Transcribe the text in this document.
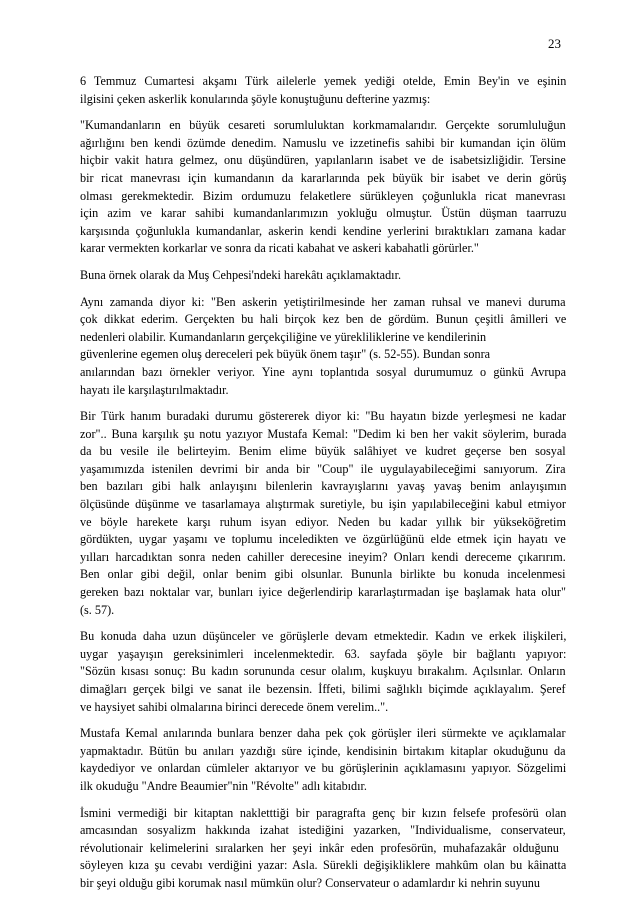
23

6 Temmuz Cumartesi akşamı Türk ailelerle yemek yediği otelde, Emin Bey'in ve eşinin
ilgisini çeken askerlik konularında şöyle konuştuğunu defterine yazmış:

"Kumandanların en büyük cesareti sorumluluktan korkmamalarıdır. Gerçekte sorumluluğun
ağırlığını ben kendi özümde denedim. Namuslu ve izzetinefis sahibi bir kumandan için ölüm
hiçbir vakit hatıra gelmez, onu düşündüren, yapılanların isabet ve de isabetsizliğidir. Tersine
bir ricat manevrası için kumandanın da kararlarında pek büyük bir isabet ve derin görüş
olması gerekmektedir. Bizim ordumuzu felaketlere sürükleyen çoğunlukla ricat manevrası
için azim ve karar sahibi kumandanlarımızın yokluğu olmuştur. Üstün düşman taarruzu
karşısında çoğunlukla kumandanlar, askerin kendi kendine yerlerini bıraktıkları zamana kadar
karar vermekten korkarlar ve sonra da ricati kabahat ve askeri kabahatli görürler."

Buna örnek olarak da Muş Cehpesi'ndeki harekâtı açıklamaktadır.

Aynı zamanda diyor ki: "Ben askerin yetiştirilmesinde her zaman ruhsal ve manevi duruma
çok dikkat ederim. Gerçekten bu hali birçok kez ben de gördüm. Bunun çeşitli âmilleri ve
nedenleri olabilir. Kumandanların gerçekçiliğine ve yürekliliklerine ve kendilerinin
güvenlerine egemen oluş dereceleri pek büyük önem taşır" (s. 52-55). Bundan sonra
anılarından bazı örnekler veriyor. Yine aynı toplantıda sosyal durumumuz o günkü Avrupa
hayatı ile karşılaştırılmaktadır.

Bir Türk hanım buradaki durumu göstererek diyor ki: "Bu hayatın bizde yerleşmesi ne kadar
zor".. Buna karşılık şu notu yazıyor Mustafa Kemal: "Dedim ki ben her vakit söylerim, burada
da bu vesile ile belirteyim. Benim elime büyük salâhiyet ve kudret geçerse ben sosyal
yaşamımızda istenilen devrimi bir anda bir "Coup" ile uygulayabileceğimi sanıyorum. Zira
ben bazıları gibi halk anlayışını bilenlerin kavrayışlarını yavaş yavaş benim anlayışımın
ölçüsünde düşünme ve tasarlamaya alıştırmak suretiyle, bu işin yapılabileceğini kabul etmiyor
ve böyle harekete karşı ruhum isyan ediyor. Neden bu kadar yıllık bir yükseköğretim
gördükten, uygar yaşamı ve toplumu inceledikten ve özgürlüğünü elde etmek için hayatı ve
yılları harcadıktan sonra neden cahiller derecesine ineyim? Onları kendi dereceme çıkarırım.
Ben onlar gibi değil, onlar benim gibi olsunlar. Bununla birlikte bu konuda incelenmesi
gereken bazı noktalar var, bunları iyice değerlendirip kararlaştırmadan işe başlamak hata olur"
(s. 57).

Bu konuda daha uzun düşünceler ve görüşlerle devam etmektedir. Kadın ve erkek ilişkileri,
uygar yaşayışın gereksinimleri incelenmektedir. 63. sayfada şöyle bir bağlantı yapıyor:
"Sözün kısası sonuç: Bu kadın sorununda cesur olalım, kuşkuyu bırakalım. Açılsınlar. Onların
dimağları gerçek bilgi ve sanat ile bezensin. İffeti, bilimi sağlıklı biçimde açıklayalım. Şeref
ve haysiyet sahibi olmalarına birinci derecede önem verelim..".

Mustafa Kemal anılarında bunlara benzer daha pek çok görüşler ileri sürmekte ve açıklamalar
yapmaktadır. Bütün bu anıları yazdığı süre içinde, kendisinin birtakım kitaplar okuduğunu da
kaydediyor ve onlardan cümleler aktarıyor ve bu görüşlerinin açıklamasını yapıyor. Sözgelimi
ilk okuduğu "Andre Beaumier"nin "Révolte" adlı kitabıdır.

İsmini vermediği bir kitaptan nakletttiği bir paragrafta genç bir kızın felsefe profesörü olan
amcasından sosyalizm hakkında izahat istediğini yazarken, "Individualisme, conservateur,
révolutionair kelimelerini sıralarken her şeyi inkâr eden profesörün, muhafazakâr olduğunu
söyleyen kıza şu cevabı verdiğini yazar: Asla. Sürekli değişikliklere mahkûm olan bu kâinatta
bir şeyi olduğu gibi korumak nasıl mümkün olur? Conservateur o adamlardır ki nehrin suyunu
